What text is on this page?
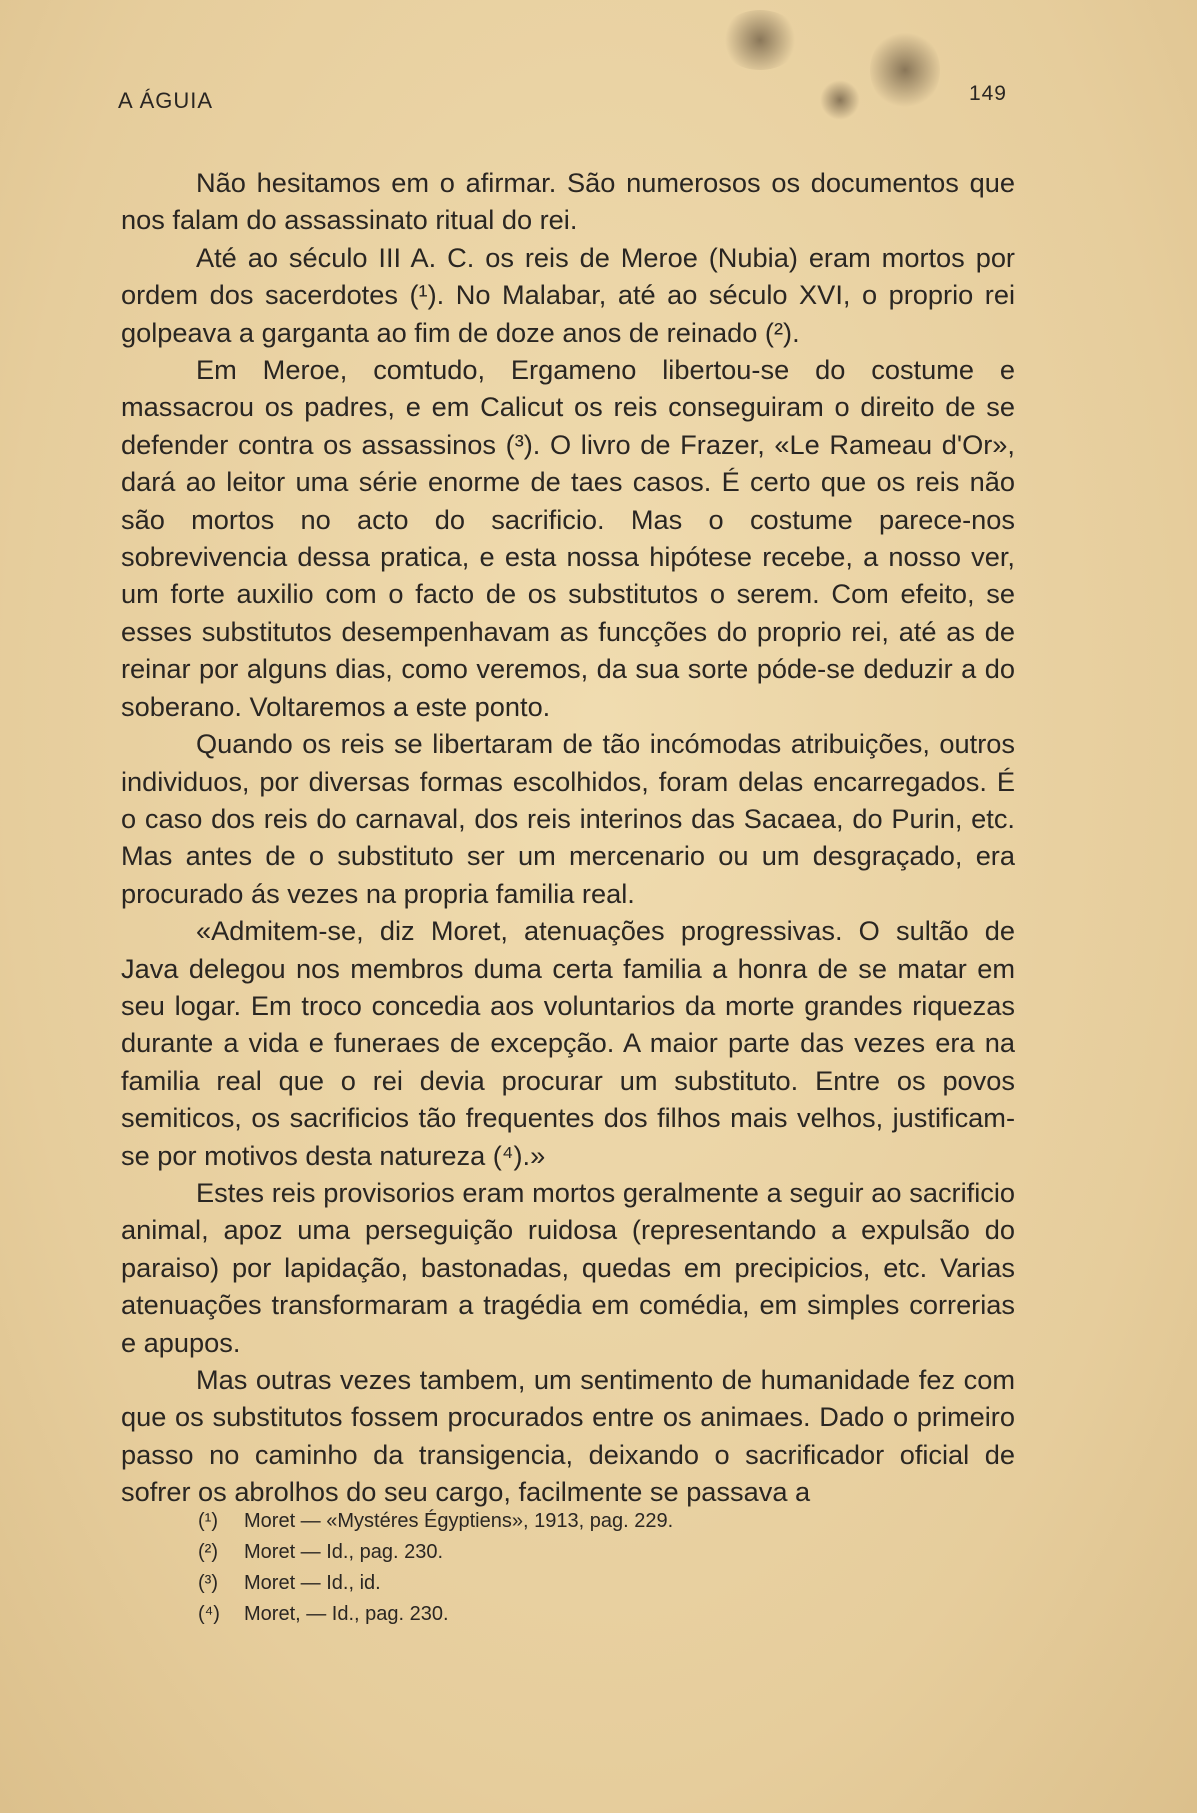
A ÁGUIA	149

Não hesitamos em o afirmar. São numerosos os documentos que nos falam do assassinato ritual do rei.

Até ao século III A. C. os reis de Meroe (Nubia) eram mortos por ordem dos sacerdotes (¹). No Malabar, até ao século XVI, o proprio rei golpeava a garganta ao fim de doze anos de reinado (²).

Em Meroe, comtudo, Ergameno libertou-se do costume e massacrou os padres, e em Calicut os reis conseguiram o direito de se defender contra os assassinos (³). O livro de Frazer, «Le Rameau d'Or», dará ao leitor uma série enorme de taes casos. É certo que os reis não são mortos no acto do sacrificio. Mas o costume parece-nos sobrevivencia dessa pratica, e esta nossa hipótese recebe, a nosso ver, um forte auxilio com o facto de os substitutos o serem. Com efeito, se esses substitutos desempenhavam as funcções do proprio rei, até as de reinar por alguns dias, como veremos, da sua sorte póde-se deduzir a do soberano. Voltaremos a este ponto.

Quando os reis se libertaram de tão incómodas atribuições, outros individuos, por diversas formas escolhidos, foram delas encarregados. É o caso dos reis do carnaval, dos reis interinos das Sacaea, do Purin, etc. Mas antes de o substituto ser um mercenario ou um desgraçado, era procurado ás vezes na propria familia real.

«Admitem-se, diz Moret, atenuações progressivas. O sultão de Java delegou nos membros duma certa familia a honra de se matar em seu logar. Em troco concedia aos voluntarios da morte grandes riquezas durante a vida e funeraes de excepção. A maior parte das vezes era na familia real que o rei devia procurar um substituto. Entre os povos semiticos, os sacrificios tão frequentes dos filhos mais velhos, justificam-se por motivos desta natureza (⁴).»

Estes reis provisorios eram mortos geralmente a seguir ao sacrificio animal, apoz uma perseguição ruidosa (representando a expulsão do paraiso) por lapidação, bastonadas, quedas em precipicios, etc. Varias atenuações transformaram a tragédia em comédia, em simples correrias e apupos.

Mas outras vezes tambem, um sentimento de humanidade fez com que os substitutos fossem procurados entre os animaes. Dado o primeiro passo no caminho da transigencia, deixando o sacrificador oficial de sofrer os abrolhos do seu cargo, facilmente se passava a

(¹)	Moret — «Mystéres Égyptiens», 1913, pag. 229.
(²)	Moret — Id., pag. 230.
(³)	Moret — Id., id.
(⁴) Moret, — Id., pag. 230.
